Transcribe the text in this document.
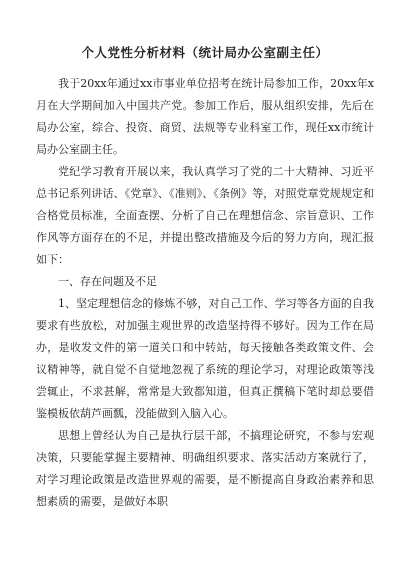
个人党性分析材料（统计局办公室副主任）

我于20xx年通过xx市事业单位招考在统计局参加工作，20xx年x月在大学期间加入中国共产党。参加工作后，服从组织安排，先后在局办公室，综合、投资、商贸、法规等专业科室工作，现任xx市统计局办公室副主任。

党纪学习教育开展以来，我认真学习了党的二十大精神、习近平总书记系列讲话、《党章》、《准则》、《条例》等，对照党章党规规定和合格党员标准，全面查摆、分析了自己在理想信念、宗旨意识、工作作风等方面存在的不足，并提出整改措施及今后的努力方向，现汇报如下：

一、存在问题及不足

1、坚定理想信念的修炼不够，对自己工作、学习等各方面的自我要求有些放松，对加强主观世界的改造坚持得不够好。因为工作在局办，是收发文件的第一道关口和中转站，每天接触各类政策文件、会议精神等，就自觉不自觉地忽视了系统的理论学习，对理论政策等浅尝辄止，不求甚解，常常是大致都知道，但真正撰稿下笔时却总要借鉴模板依葫芦画瓢，没能做到入脑入心。

思想上曾经认为自己是执行层干部，不搞理论研究，不参与宏观决策，只要能掌握主要精神、明确组织要求、落实活动方案就行了，对学习理论政策是改造世界观的需要，是不断提高自身政治素养和思想素质的需要，是做好本职
